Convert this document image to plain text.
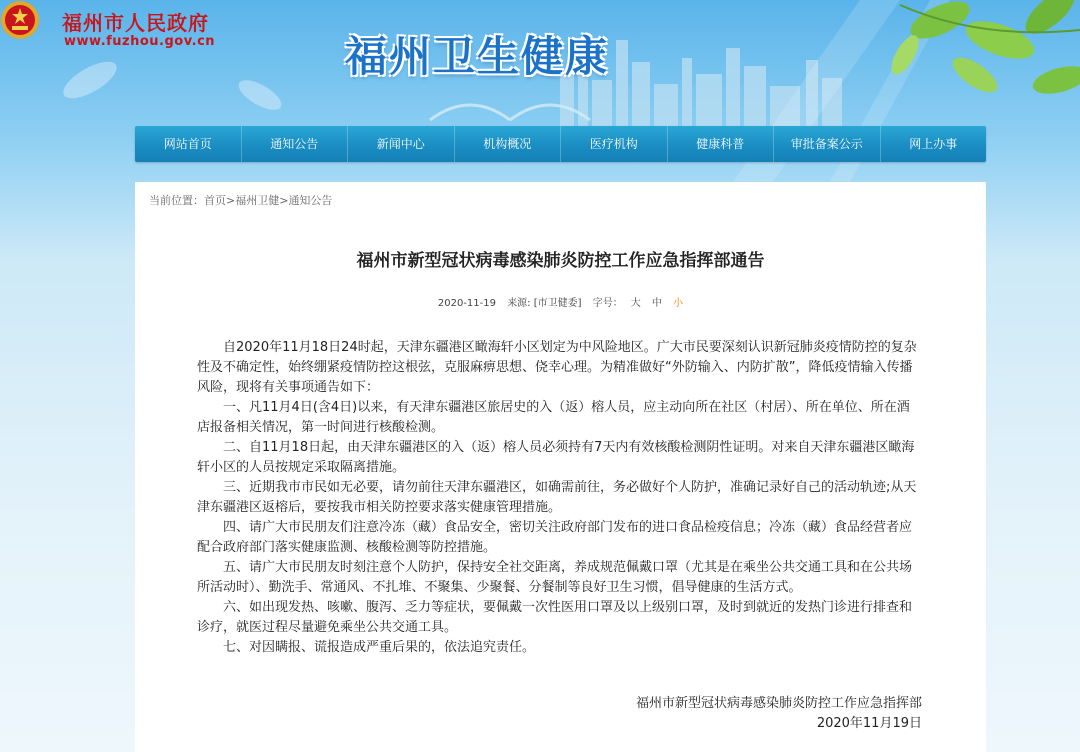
福州市人民政府
www.fuzhou.gov.cn	福州卫生健康
网站首页	通知公告	新闻中心	机构概况	医疗机构	健康科普	审批备案公示	网上办事
当前位置：首页>福州卫健>通知公告
福州市新型冠状病毒感染肺炎防控工作应急指挥部通告
2020-11-19 来源: [市卫健委] 字号： 大 中 小

自2020年11月18日24时起，天津东疆港区瞰海轩小区划定为中风险地区。广大市民要深刻认识新冠肺炎疫情防控的复杂性及不确定性，始终绷紧疫情防控这根弦，克服麻痹思想、侥幸心理。为精准做好“外防输入、内防扩散”，降低疫情输入传播风险，现将有关事项通告如下：

一、凡11月4日(含4日)以来，有天津东疆港区旅居史的入（返）榕人员，应主动向所在社区（村居）、所在单位、所在酒店报备相关情况，第一时间进行核酸检测。

二、自11月18日起，由天津东疆港区的入（返）榕人员必须持有7天内有效核酸检测阴性证明。对来自天津东疆港区瞰海轩小区的人员按规定采取隔离措施。

三、近期我市市民如无必要，请勿前往天津东疆港区，如确需前往，务必做好个人防护，准确记录好自己的活动轨迹;从天津东疆港区返榕后，要按我市相关防控要求落实健康管理措施。

四、请广大市民朋友们注意冷冻（藏）食品安全，密切关注政府部门发布的进口食品检疫信息；冷冻（藏）食品经营者应配合政府部门落实健康监测、核酸检测等防控措施。

五、请广大市民朋友时刻注意个人防护，保持安全社交距离，养成规范佩戴口罩（尤其是在乘坐公共交通工具和在公共场所活动时）、勤洗手、常通风、不扎堆、不聚集、少聚餐、分餐制等良好卫生习惯，倡导健康的生活方式。

六、如出现发热、咳嗽、腹泻、乏力等症状，要佩戴一次性医用口罩及以上级别口罩，及时到就近的发热门诊进行排查和诊疗，就医过程尽量避免乘坐公共交通工具。

七、对因瞒报、谎报造成严重后果的，依法追究责任。

福州市新型冠状病毒感染肺炎防控工作应急指挥部
2020年11月19日
